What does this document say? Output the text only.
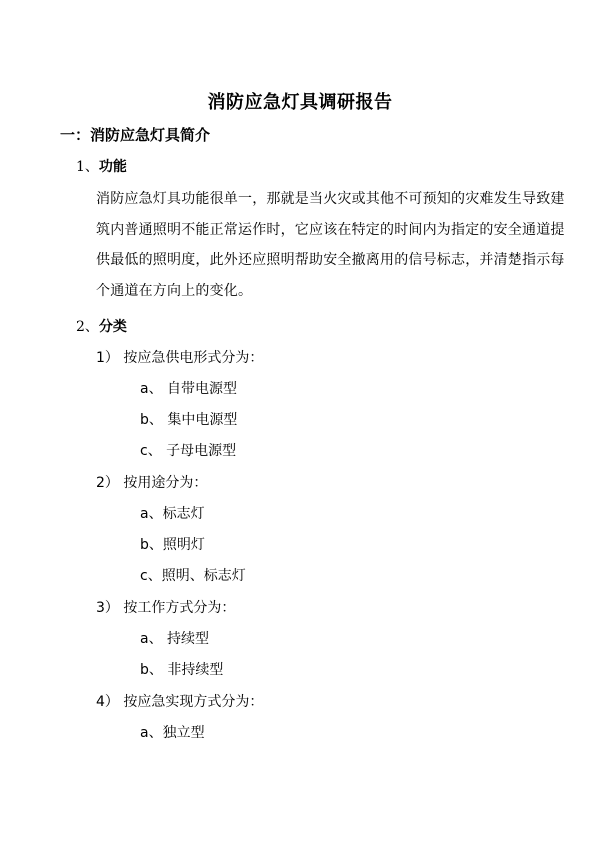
消防应急灯具调研报告
一：消防应急灯具简介
1、功能

消防应急灯具功能很单一，那就是当火灾或其他不可预知的灾难发生导致建

筑内普通照明不能正常运作时，它应该在特定的时间内为指定的安全通道提

供最低的照明度，此外还应照明帮助安全撤离用的信号标志，并清楚指示每

个通道在方向上的变化。

2、分类
1） 按应急供电形式分为：
a、 自带电源型
b、 集中电源型
c、 子母电源型
2） 按用途分为：
a、标志灯
b、照明灯
c、照明、标志灯
3） 按工作方式分为：
a、 持续型
b、 非持续型
4） 按应急实现方式分为：
a、独立型
